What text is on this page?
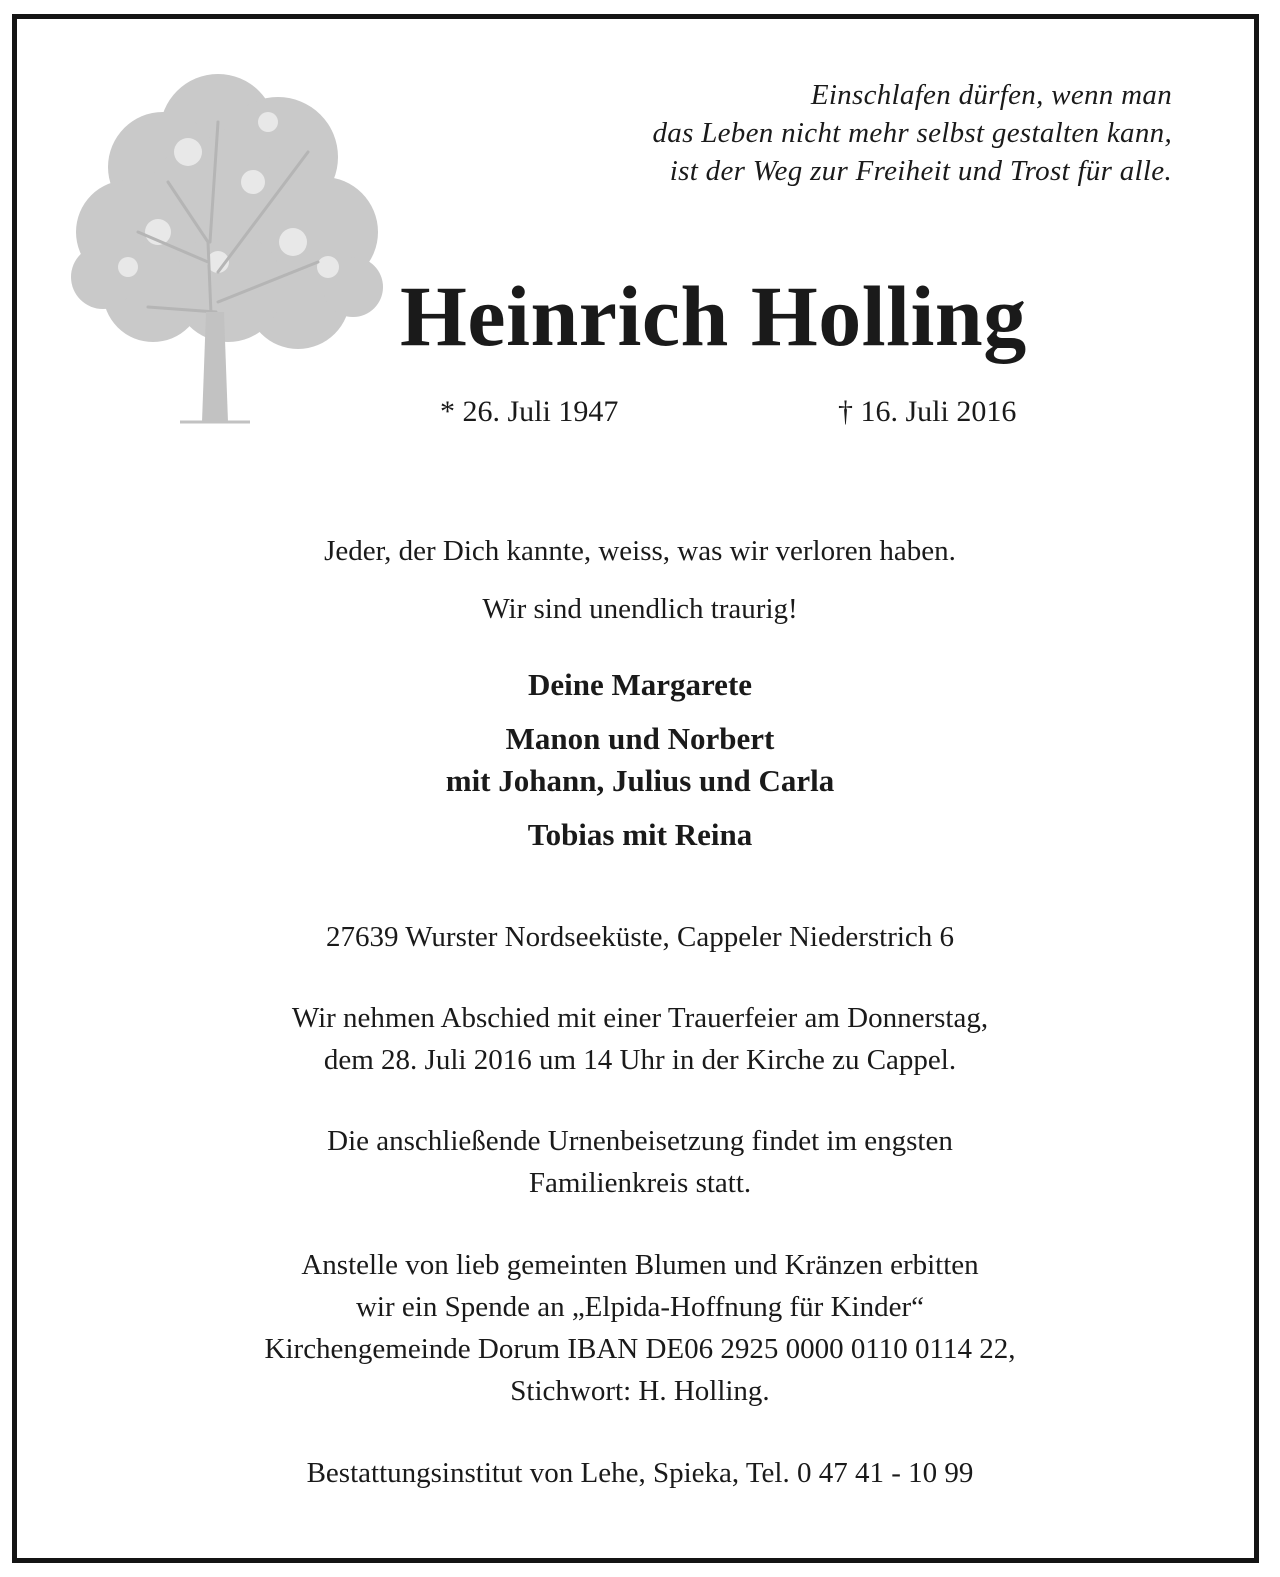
Einschlafen dürfen, wenn man
das Leben nicht mehr selbst gestalten kann,
ist der Weg zur Freiheit und Trost für alle.
Heinrich Holling
* 26. Juli 1947	† 16. Juli 2016
Jeder, der Dich kannte, weiss, was wir verloren haben.
Wir sind unendlich traurig!
Deine Margarete
Manon und Norbert
mit Johann, Julius und Carla
Tobias mit Reina
27639 Wurster Nordseeküste, Cappeler Niederstrich 6
Wir nehmen Abschied mit einer Trauerfeier am Donnerstag,
dem 28. Juli 2016 um 14 Uhr in der Kirche zu Cappel.
Die anschließende Urnenbeisetzung findet im engsten
Familienkreis statt.
Anstelle von lieb gemeinten Blumen und Kränzen erbitten
wir ein Spende an „Elpida-Hoffnung für Kinder“
Kirchengemeinde Dorum IBAN DE06 2925 0000 0110 0114 22,
Stichwort: H. Holling.
Bestattungsinstitut von Lehe, Spieka, Tel. 0 47 41 - 10 99
